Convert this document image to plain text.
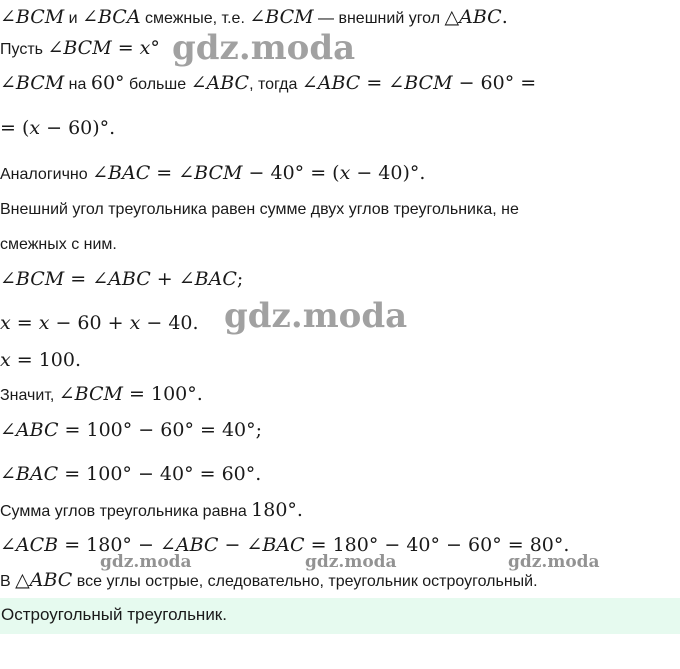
∠BCM и ∠BCA смежные, т.е. ∠BCM — внешний угол △ABC.
Пусть ∠BCM = x°
∠BCM на 60° больше ∠ABC, тогда ∠ABC = ∠BCM − 60° =
= (x − 60)°.
Аналогично ∠BAC = ∠BCM − 40° = (x − 40)°.
Внешний угол треугольника равен сумме двух углов треугольника, не
смежных с ним.
∠BCM = ∠ABC + ∠BAC;
x = x − 60 + x − 40.
x = 100.
Значит, ∠BCM = 100°.
∠ABC = 100° − 60° = 40°;
∠BAC = 100° − 40° = 60°.
Сумма углов треугольника равна 180°.
∠ACB = 180° − ∠ABC − ∠BAC = 180° − 40° − 60° = 80°.
В △ABC все углы острые, следовательно, треугольник остроугольный.
gdz.moda
gdz.moda
gdz.moda	gdz.moda	gdz.moda
Остроугольный треугольник.
